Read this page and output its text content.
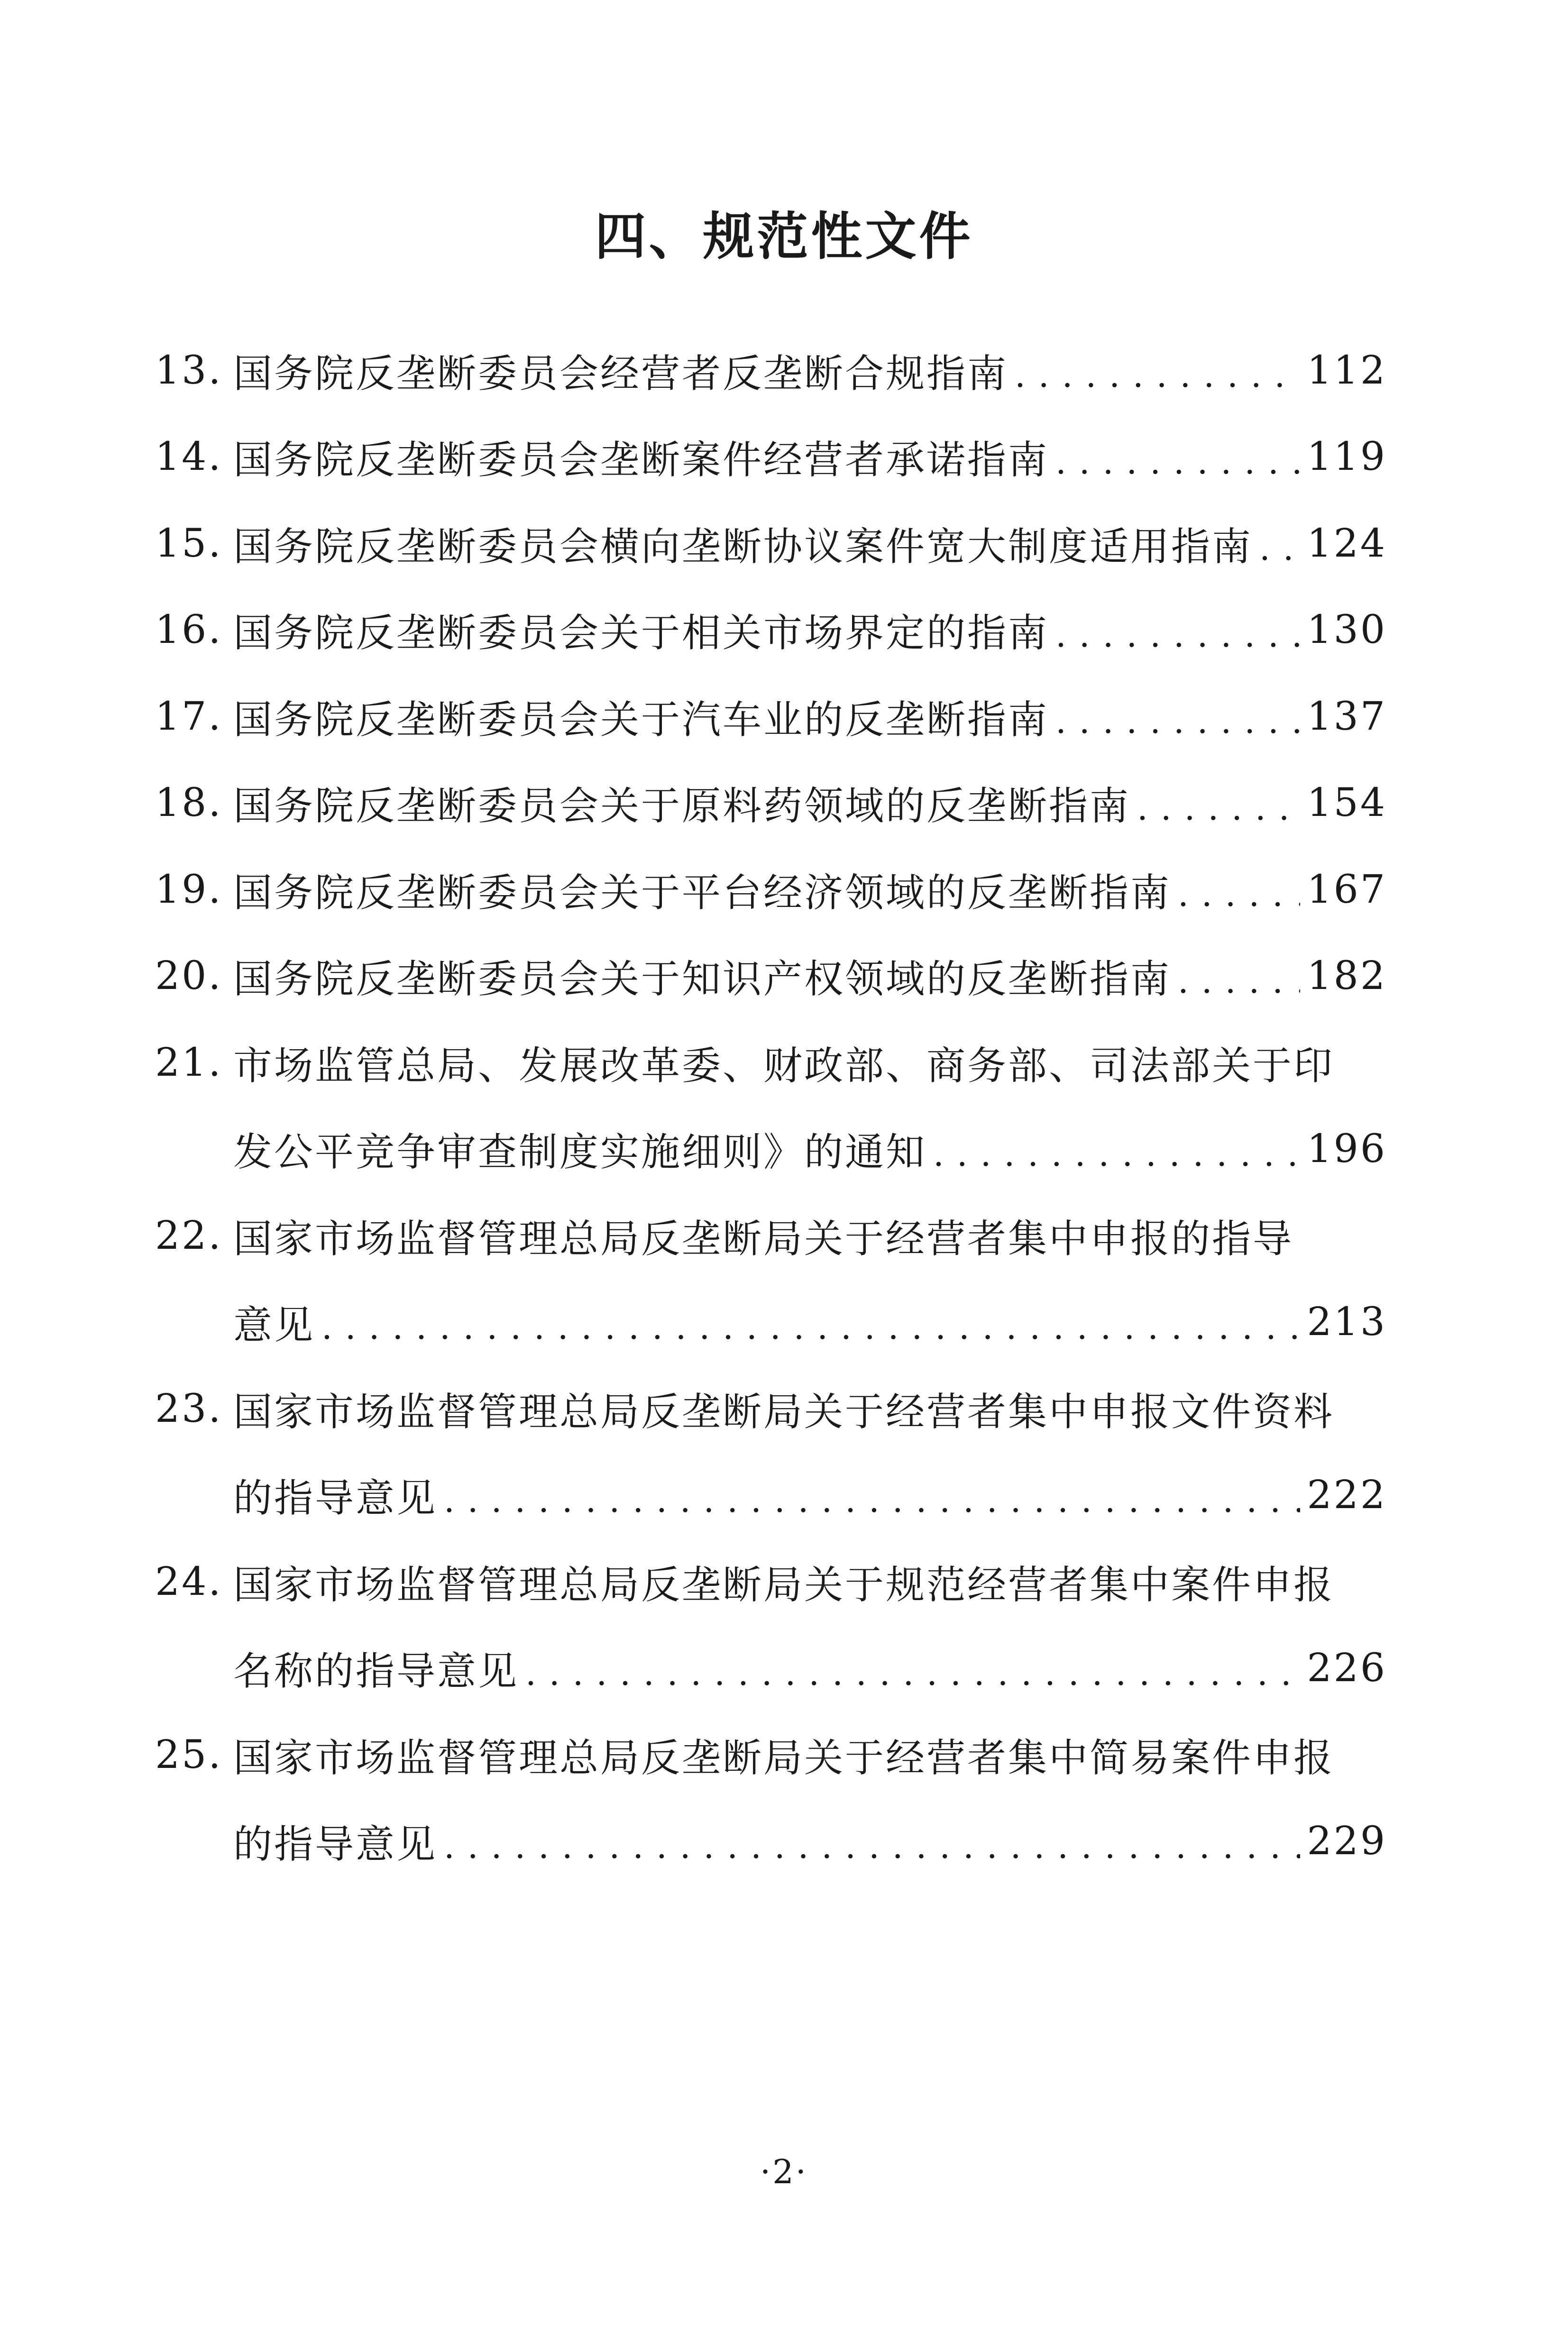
四、规范性文件
13. 国务院反垄断委员会经营者反垄断合规指南 . . .	112
14. 国务院反垄断委员会垄断案件经营者承诺指南 . . .	119
15. 国务院反垄断委员会横向垄断协议案件宽大制度适用指南 . . . 124
16. 国务院反垄断委员会关于相关市场界定的指南 . . .	130
17. 国务院反垄断委员会关于汽车业的反垄断指南 . . .	137
18. 国务院反垄断委员会关于原料药领域的反垄断指南 . . .	154
19. 国务院反垄断委员会关于平台经济领域的反垄断指南 . . .	167
20. 国务院反垄断委员会关于知识产权领域的反垄断指南 . . .	182
21. 市场监管总局、发展改革委、财政部、商务部、司法部关于印
发公平竞争审查制度实施细则》的通知 . . .	196
22. 国家市场监督管理总局反垄断局关于经营者集中申报的指导
意见 . . .	213
23. 国家市场监督管理总局反垄断局关于经营者集中申报文件资料
的指导意见 . . .	222
24. 国家市场监督管理总局反垄断局关于规范经营者集中案件申报
名称的指导意见 . . .	226
25. 国家市场监督管理总局反垄断局关于经营者集中简易案件申报
的指导意见 . . .	229
·2·
